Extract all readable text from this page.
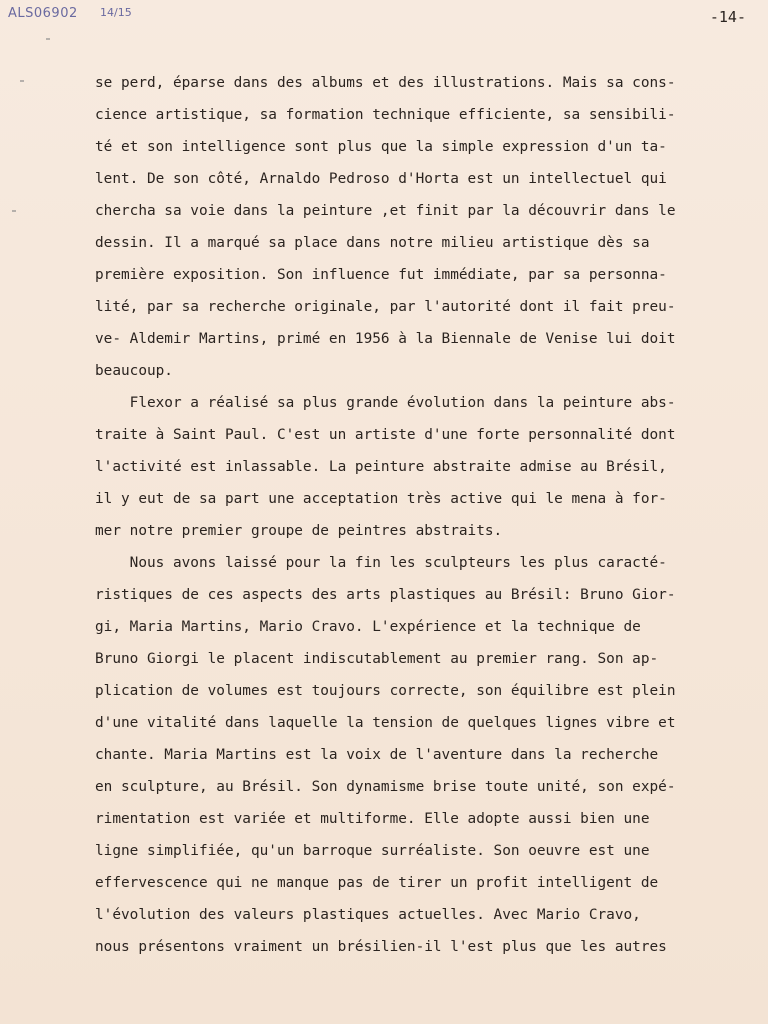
ALS06902 14/15	-14-
se perd, éparse dans des albums et des illustrations. Mais sa cons-
cience artistique, sa formation technique efficiente, sa sensibili-
té et son intelligence sont plus que la simple expression d'un ta-
lent. De son côté, Arnaldo Pedroso d'Horta est un intellectuel qui
chercha sa voie dans la peinture ,et finit par la découvrir dans le
dessin. Il a marqué sa place dans notre milieu artistique dès sa
première exposition. Son influence fut immédiate, par sa personna-
lité, par sa recherche originale, par l'autorité dont il fait preu-
ve- Aldemir Martins, primé en 1956 à la Biennale de Venise lui doit
beaucoup.
Flexor a réalisé sa plus grande évolution dans la peinture abs-
traite à Saint Paul. C'est un artiste d'une forte personnalité dont
l'activité est inlassable. La peinture abstraite admise au Brésil,
il y eut de sa part une acceptation très active qui le mena à for-
mer notre premier groupe de peintres abstraits.
Nous avons laissé pour la fin les sculpteurs les plus caracté-
ristiques de ces aspects des arts plastiques au Brésil: Bruno Gior-
gi, Maria Martins, Mario Cravo. L'expérience et la technique de
Bruno Giorgi le placent indiscutablement au premier rang. Son ap-
plication de volumes est toujours correcte, son équilibre est plein
d'une vitalité dans laquelle la tension de quelques lignes vibre et
chante. Maria Martins est la voix de l'aventure dans la recherche
en sculpture, au Brésil. Son dynamisme brise toute unité, son expé-
rimentation est variée et multiforme. Elle adopte aussi bien une
ligne simplifiée, qu'un barroque surréaliste. Son oeuvre est une
effervescence qui ne manque pas de tirer un profit intelligent de
l'évolution des valeurs plastiques actuelles. Avec Mario Cravo,
nous présentons vraiment un brésilien-il l'est plus que les autres
